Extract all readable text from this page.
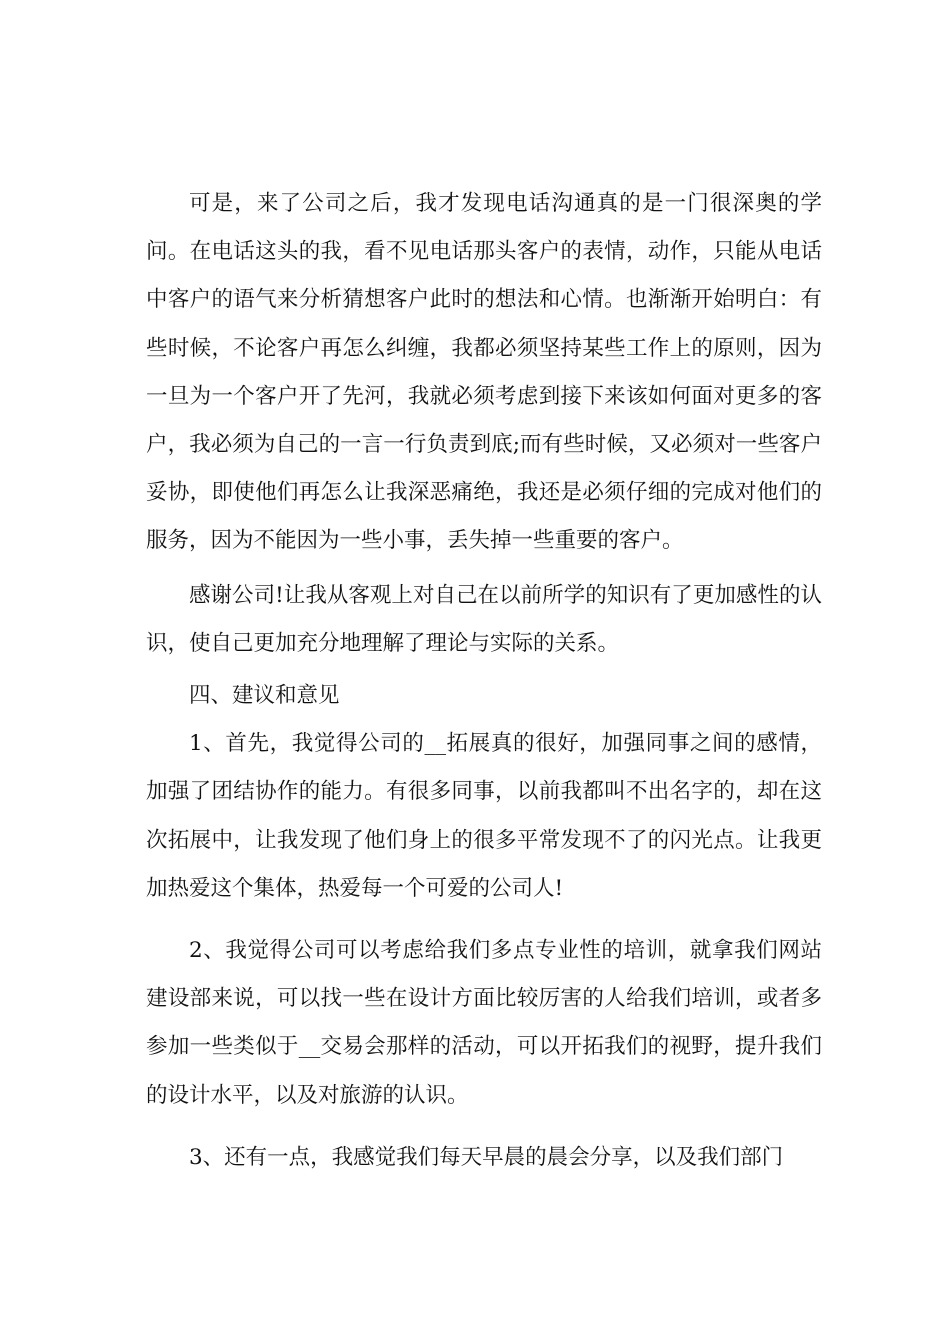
可是，来了公司之后，我才发现电话沟通真的是一门很深奥的学问。在电话这头的我，看不见电话那头客户的表情，动作，只能从电话中客户的语气来分析猜想客户此时的想法和心情。也渐渐开始明白：有些时候，不论客户再怎么纠缠，我都必须坚持某些工作上的原则，因为一旦为一个客户开了先河，我就必须考虑到接下来该如何面对更多的客户，我必须为自己的一言一行负责到底;而有些时候，又必须对一些客户妥协，即使他们再怎么让我深恶痛绝，我还是必须仔细的完成对他们的服务，因为不能因为一些小事，丢失掉一些重要的客户。

感谢公司!让我从客观上对自己在以前所学的知识有了更加感性的认识，使自己更加充分地理解了理论与实际的关系。

四、建议和意见

1、首先，我觉得公司的__拓展真的很好，加强同事之间的感情，加强了团结协作的能力。有很多同事，以前我都叫不出名字的，却在这次拓展中，让我发现了他们身上的很多平常发现不了的闪光点。让我更加热爱这个集体，热爱每一个可爱的公司人!

2、我觉得公司可以考虑给我们多点专业性的培训，就拿我们网站建设部来说，可以找一些在设计方面比较厉害的人给我们培训，或者多参加一些类似于__交易会那样的活动，可以开拓我们的视野，提升我们的设计水平，以及对旅游的认识。

3、还有一点，我感觉我们每天早晨的晨会分享，以及我们部门
